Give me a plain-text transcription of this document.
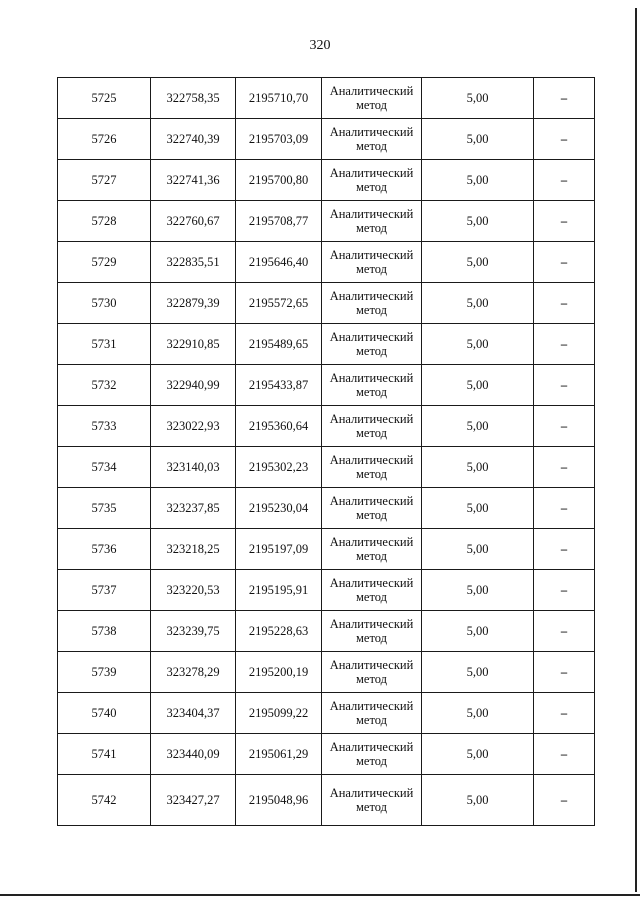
320
5725	322758,35	2195710,70	Аналитический
метод	5,00	–
5726	322740,39	2195703,09	Аналитический
метод	5,00	–
5727	322741,36	2195700,80	Аналитический
метод	5,00	–
5728	322760,67	2195708,77	Аналитический
метод	5,00	–
5729	322835,51	2195646,40	Аналитический
метод	5,00	–
5730	322879,39	2195572,65	Аналитический
метод	5,00	–
5731	322910,85	2195489,65	Аналитический
метод	5,00	–
5732	322940,99	2195433,87	Аналитический
метод	5,00	–
5733	323022,93	2195360,64	Аналитический
метод	5,00	–
5734	323140,03	2195302,23	Аналитический
метод	5,00	–
5735	323237,85	2195230,04	Аналитический
метод	5,00	–
5736	323218,25	2195197,09	Аналитический
метод	5,00	–
5737	323220,53	2195195,91	Аналитический
метод	5,00	–
5738	323239,75	2195228,63	Аналитический
метод	5,00	–
5739	323278,29	2195200,19	Аналитический
метод	5,00	–
5740	323404,37	2195099,22	Аналитический
метод	5,00	–
5741	323440,09	2195061,29	Аналитический
метод	5,00	–
5742	323427,27	2195048,96	Аналитический
метод	5,00	–
